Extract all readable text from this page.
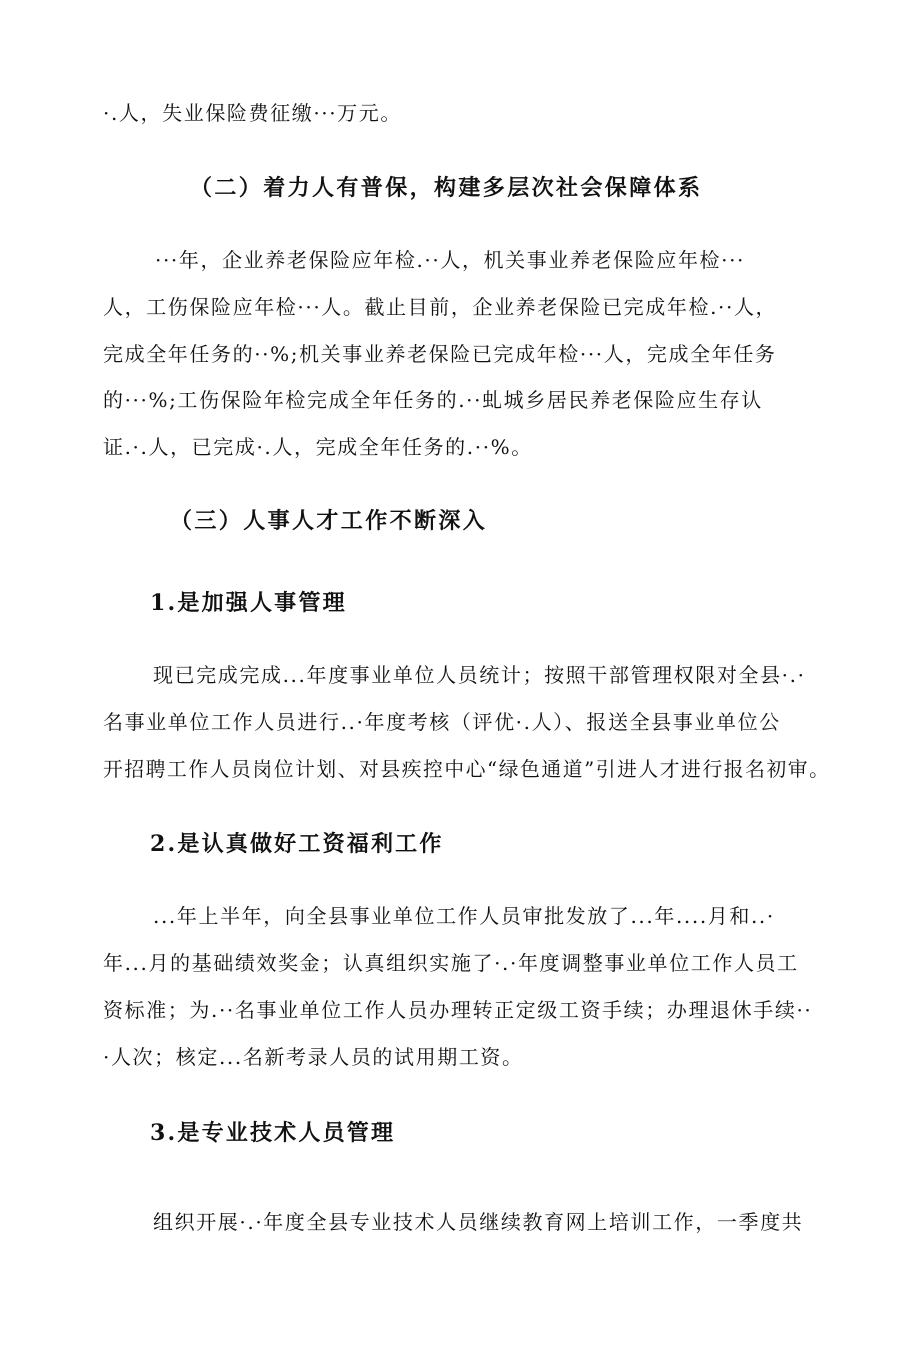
·.人，失业保险费征缴···万元。
（二）着力人有普保，构建多层次社会保障体系
···年，企业养老保险应年检.··人，机关事业养老保险应年检···
人，工伤保险应年检···人。截止目前，企业养老保险已完成年检.··人，
完成全年任务的··%;机关事业养老保险已完成年检···人，完成全年任务
的···%;工伤保险年检完成全年任务的.··虬城乡居民养老保险应生存认
证.·.人，已完成·.人，完成全年任务的.··%。
（三）人事人才工作不断深入
1.是加强人事管理
现已完成完成...年度事业单位人员统计；按照干部管理权限对全县·.·
名事业单位工作人员进行..·年度考核（评优·.人）、报送全县事业单位公
开招聘工作人员岗位计划、对县疾控中心“绿色通道”引进人才进行报名初审。
2.是认真做好工资福利工作
...年上半年，向全县事业单位工作人员审批发放了...年....月和..·
年...月的基础绩效奖金；认真组织实施了·.·年度调整事业单位工作人员工
资标准；为.··名事业单位工作人员办理转正定级工资手续；办理退休手续··
·人次；核定...名新考录人员的试用期工资。
3.是专业技术人员管理
组织开展·.·年度全县专业技术人员继续教育网上培训工作，一季度共
